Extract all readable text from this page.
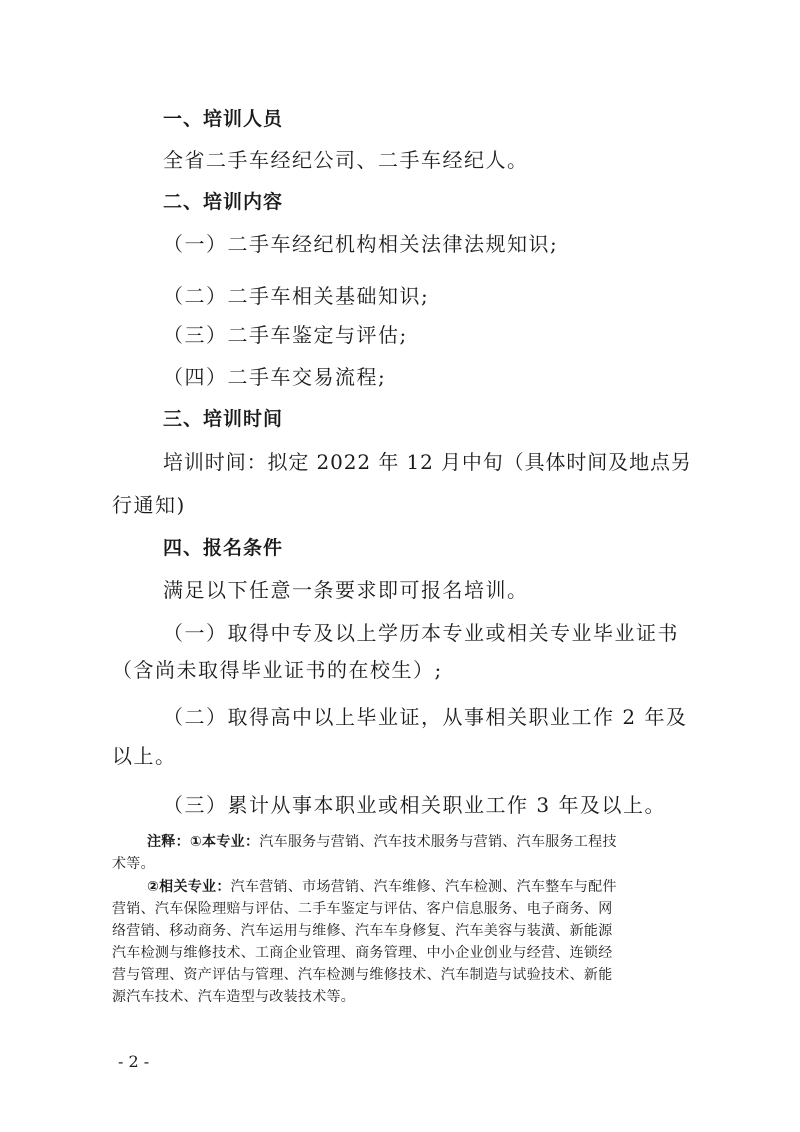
一、培训人员
全省二手车经纪公司、二手车经纪人。
二、培训内容
（一）二手车经纪机构相关法律法规知识;
（二）二手车相关基础知识;
（三）二手车鉴定与评估;
（四）二手车交易流程;
三、培训时间
培训时间：拟定 2022 年 12 月中旬（具体时间及地点另
行通知)
四、报名条件
满足以下任意一条要求即可报名培训。
（一）取得中专及以上学历本专业或相关专业毕业证书
（含尚未取得毕业证书的在校生）;
（二）取得高中以上毕业证，从事相关职业工作 2 年及
以上。
（三）累计从事本职业或相关职业工作 3 年及以上。
注释：①本专业：汽车服务与营销、汽车技术服务与营销、汽车服务工程技
术等。
②相关专业：汽车营销、市场营销、汽车维修、汽车检测、汽车整车与配件
营销、汽车保险理赔与评估、二手车鉴定与评估、客户信息服务、电子商务、网
络营销、移动商务、汽车运用与维修、汽车车身修复、汽车美容与装潢、新能源
汽车检测与维修技术、工商企业管理、商务管理、中小企业创业与经营、连锁经
营与管理、资产评估与管理、汽车检测与维修技术、汽车制造与试验技术、新能
源汽车技术、汽车造型与改装技术等。
- 2 -
